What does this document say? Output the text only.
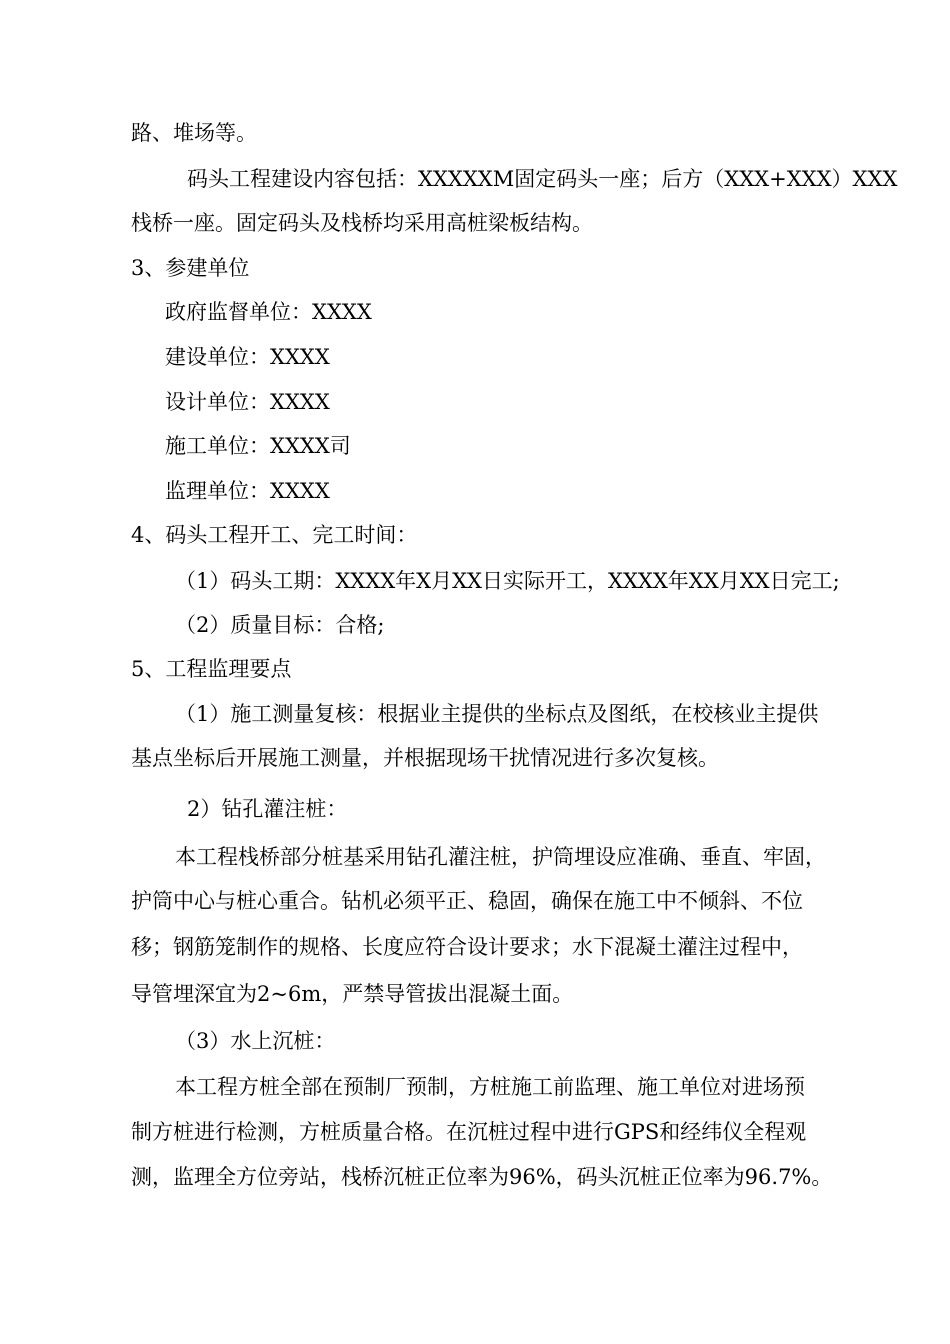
路、堆场等。
码头工程建设内容包括：XXXXXM固定码头一座；后方（XXX+XXX）XXX
栈桥一座。固定码头及栈桥均采用高桩梁板结构。
3、参建单位
政府监督单位：XXXX
建设单位：XXXX
设计单位：XXXX
施工单位：XXXX司
监理单位：XXXX
4、码头工程开工、完工时间：
（1）码头工期：XXXX年X月XX日实际开工，XXXX年XX月XX日完工;
（2）质量目标：合格;
5、工程监理要点
（1）施工测量复核：根据业主提供的坐标点及图纸，在校核业主提供
基点坐标后开展施工测量，并根据现场干扰情况进行多次复核。
2）钻孔灌注桩：
本工程栈桥部分桩基采用钻孔灌注桩，护筒埋设应准确、垂直、牢固，
护筒中心与桩心重合。钻机必须平正、稳固，确保在施工中不倾斜、不位
移；钢筋笼制作的规格、长度应符合设计要求；水下混凝土灌注过程中，
导管埋深宜为2~6m，严禁导管拔出混凝土面。
（3）水上沉桩：
本工程方桩全部在预制厂预制，方桩施工前监理、施工单位对进场预
制方桩进行检测，方桩质量合格。在沉桩过程中进行GPS和经纬仪全程观
测，监理全方位旁站，栈桥沉桩正位率为96%，码头沉桩正位率为96.7%。
